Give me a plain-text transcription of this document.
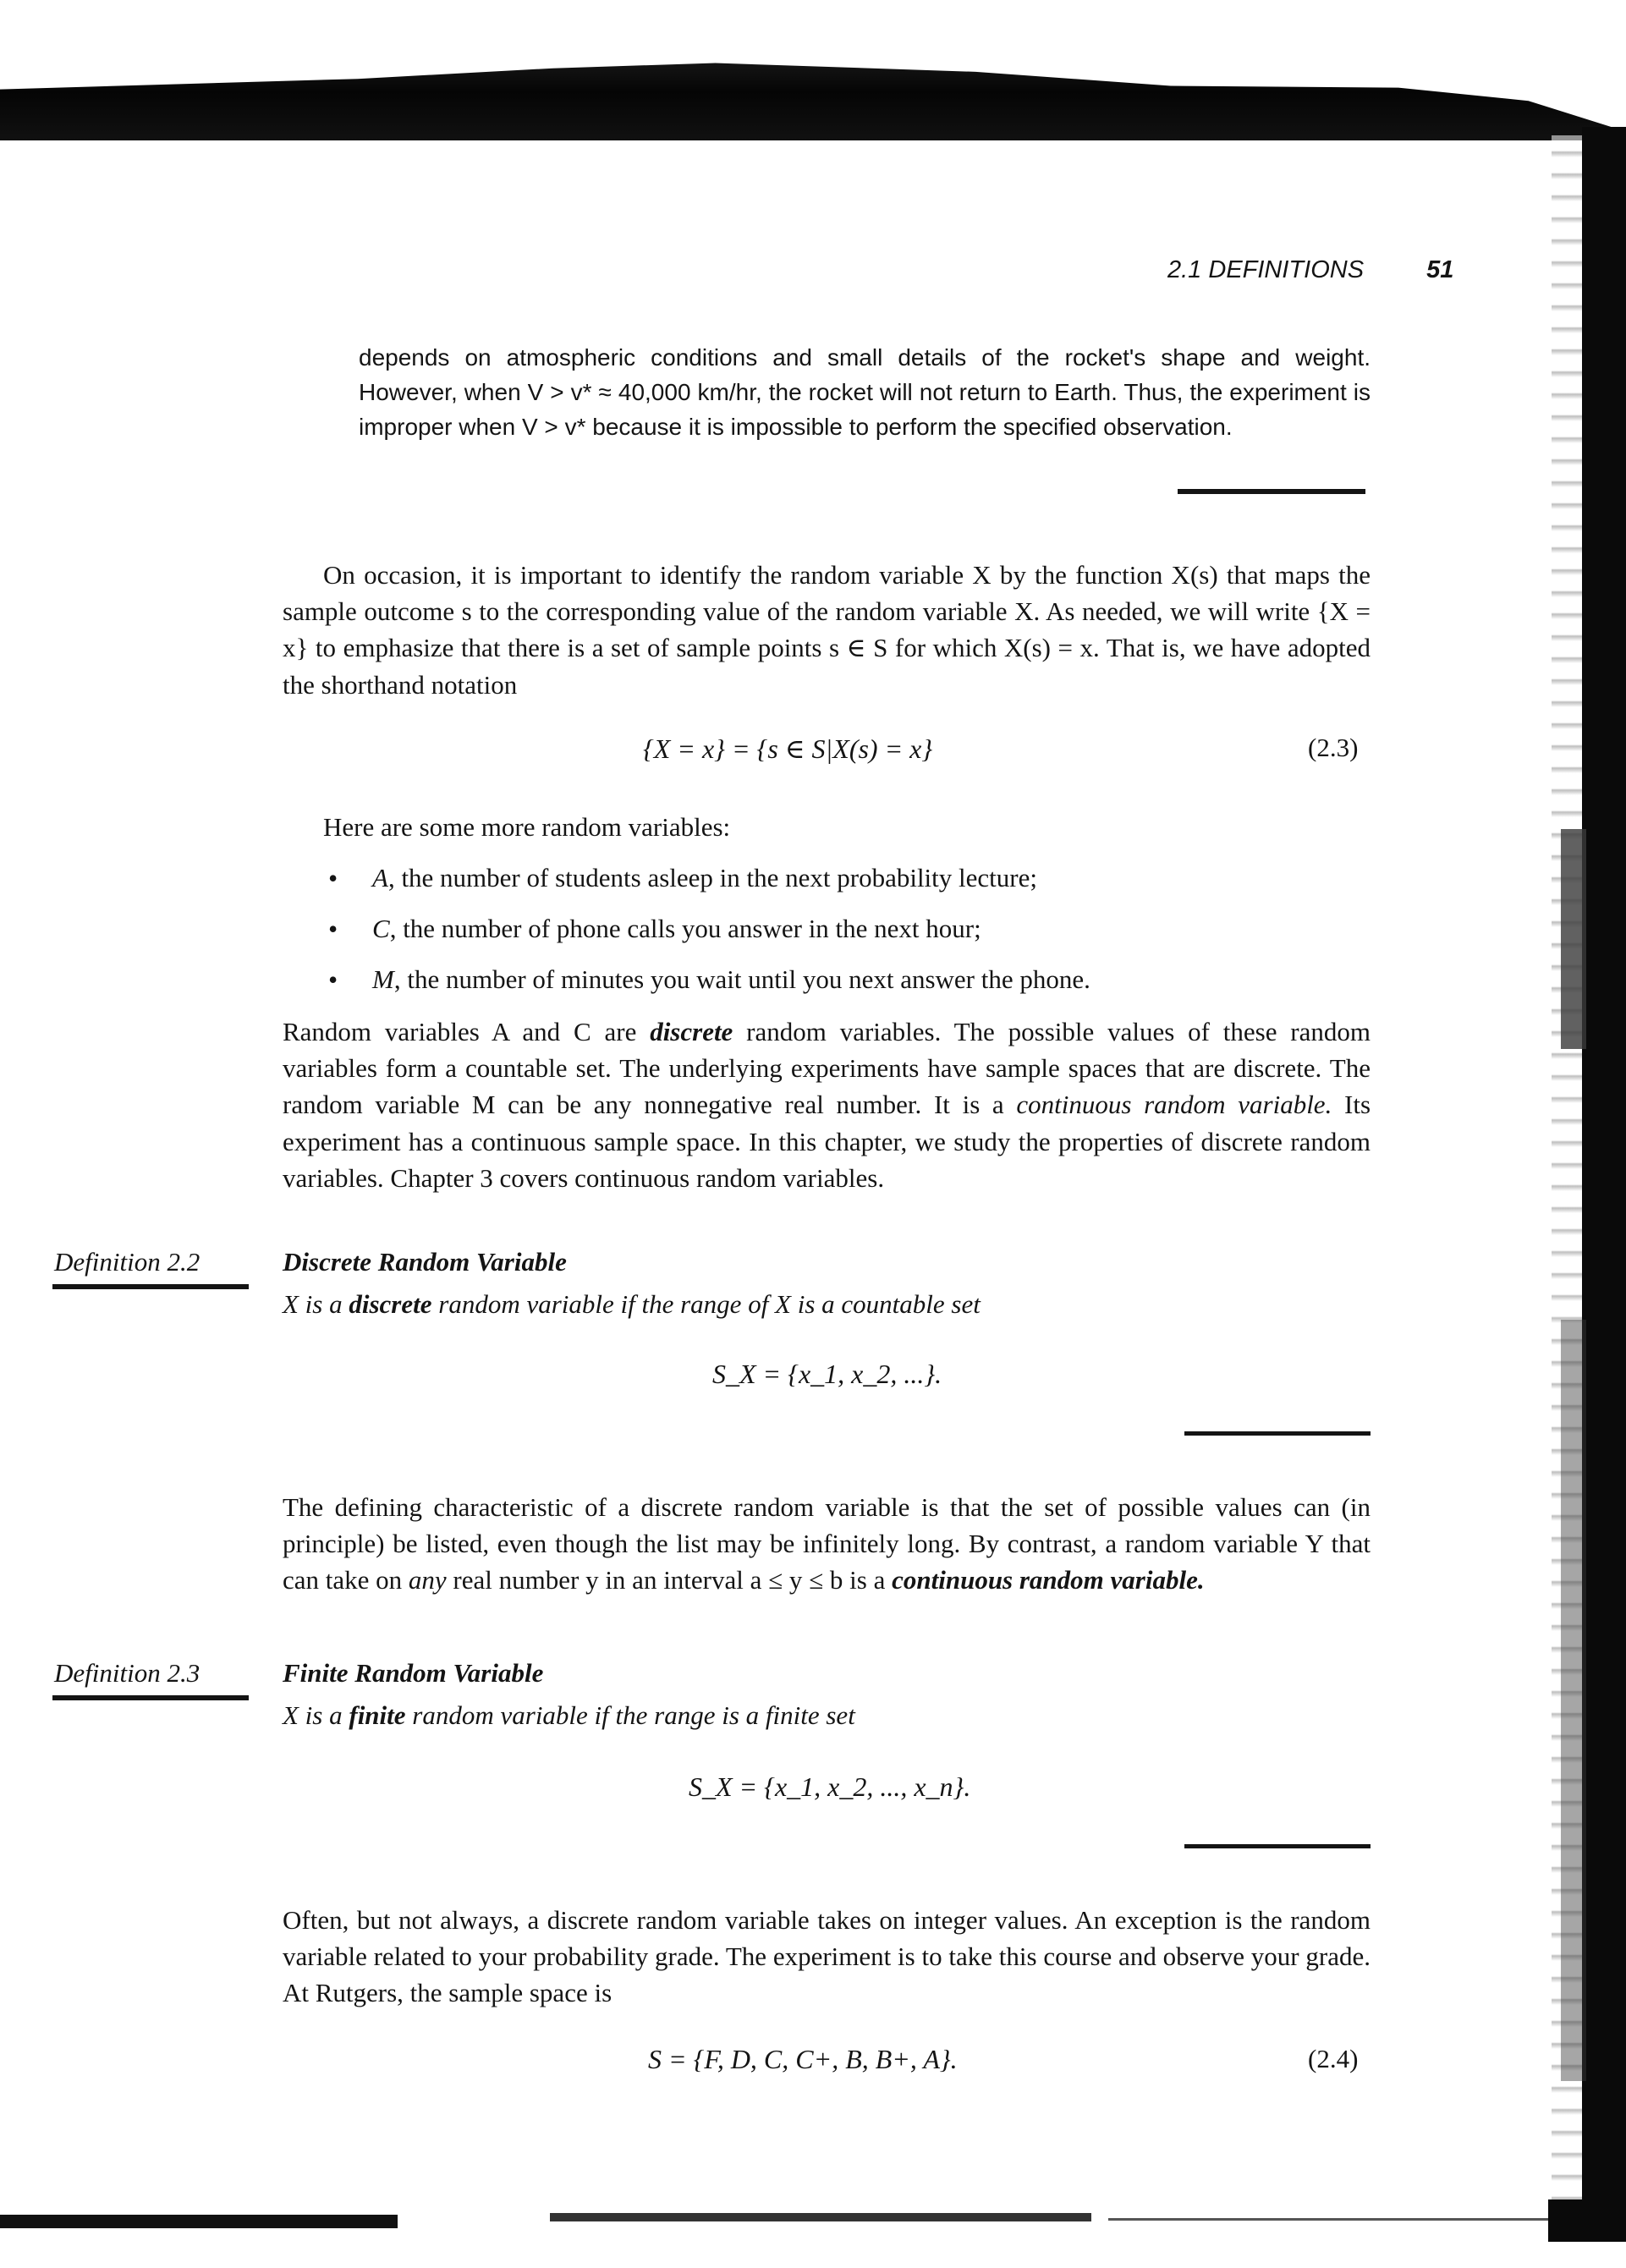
2.1 DEFINITIONS	51

depends on atmospheric conditions and small details of the rocket's shape and weight. However, when V > v* ≈ 40,000 km/hr, the rocket will not return to Earth. Thus, the experiment is improper when V > v* because it is impossible to perform the specified observation.

On occasion, it is important to identify the random variable X by the function X(s) that maps the sample outcome s to the corresponding value of the random variable X. As needed, we will write {X = x} to emphasize that there is a set of sample points s ∈ S for which X(s) = x. That is, we have adopted the shorthand notation

{X = x} = {s ∈ S|X(s) = x}	(2.3)

Here are some more random variables:

• A, the number of students asleep in the next probability lecture;
• C, the number of phone calls you answer in the next hour;
• M, the number of minutes you wait until you next answer the phone.

Random variables A and C are discrete random variables. The possible values of these random variables form a countable set. The underlying experiments have sample spaces that are discrete. The random variable M can be any nonnegative real number. It is a continuous random variable. Its experiment has a continuous sample space. In this chapter, we study the properties of discrete random variables. Chapter 3 covers continuous random variables.

Definition 2.2	Discrete Random Variable
X is a discrete random variable if the range of X is a countable set
S_X = {x_1, x_2, ...}.

The defining characteristic of a discrete random variable is that the set of possible values can (in principle) be listed, even though the list may be infinitely long. By contrast, a random variable Y that can take on any real number y in an interval a ≤ y ≤ b is a continuous random variable.

Definition 2.3	Finite Random Variable
X is a finite random variable if the range is a finite set
S_X = {x_1, x_2, ..., x_n}.

Often, but not always, a discrete random variable takes on integer values. An exception is the random variable related to your probability grade. The experiment is to take this course and observe your grade. At Rutgers, the sample space is

S = {F, D, C, C+, B, B+, A}.	(2.4)
